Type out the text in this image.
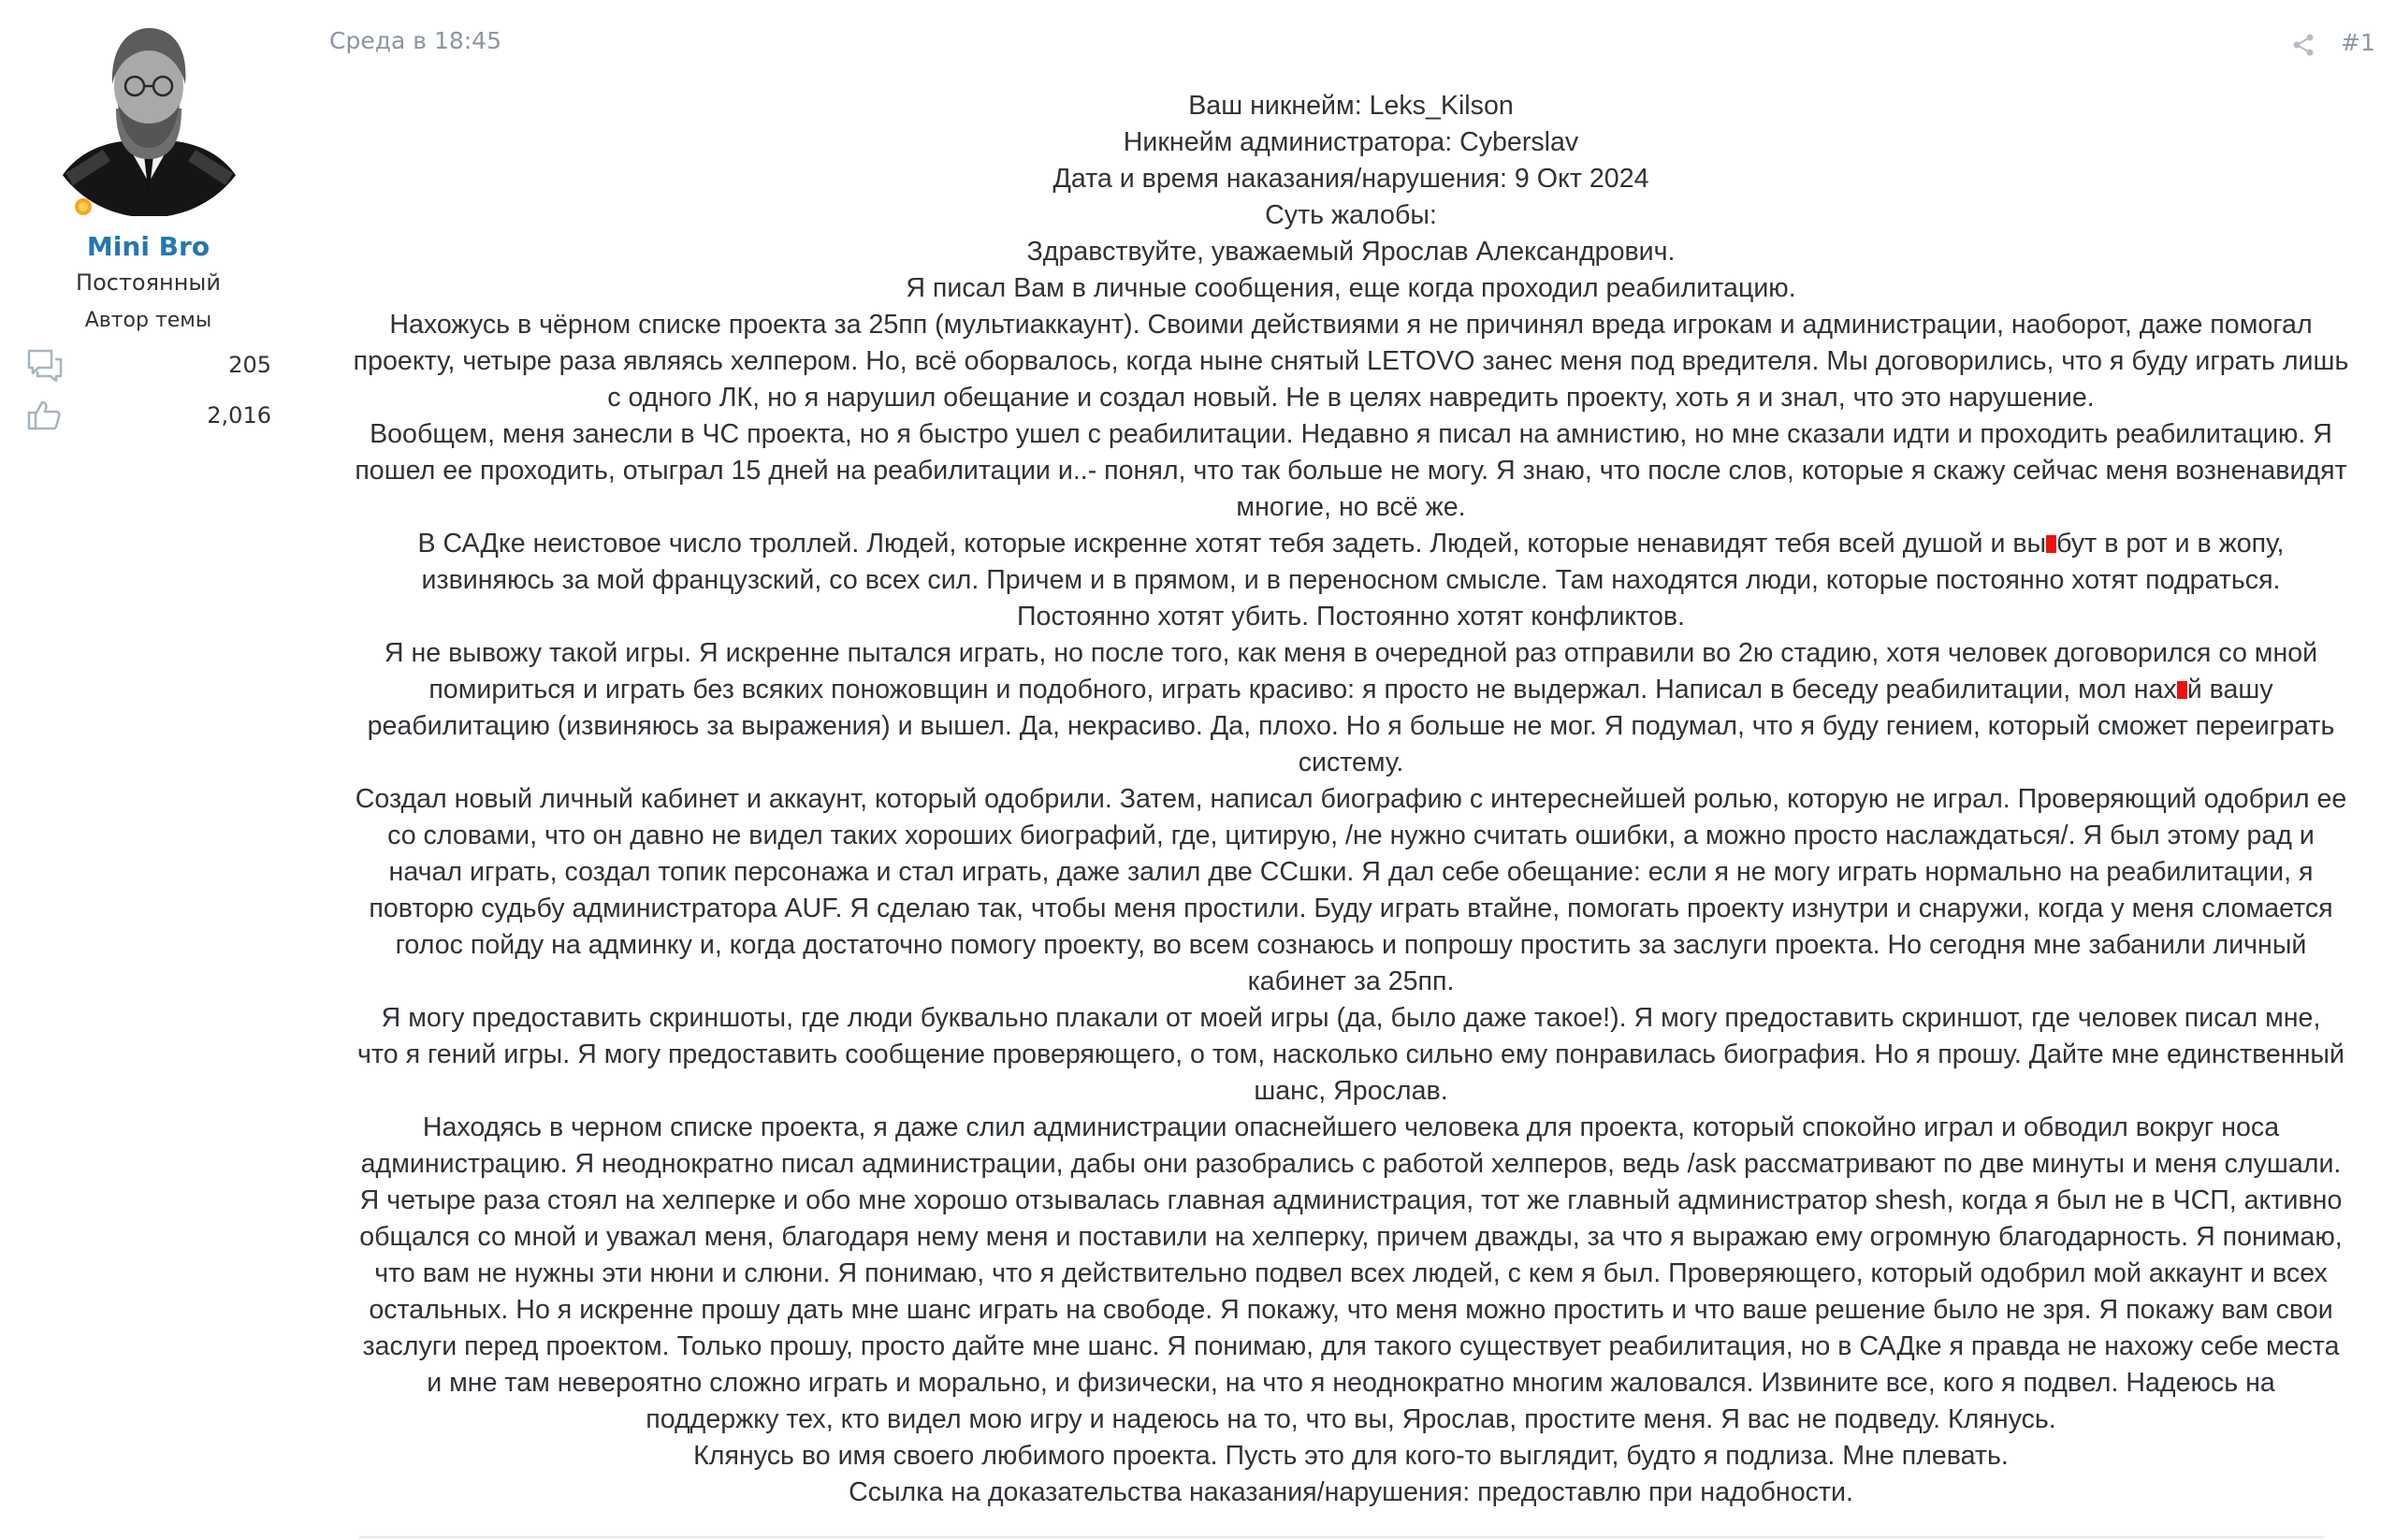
Mini Bro
Постоянный
Автор темы
205
2,016
Среда в 18:45	#1
Ваш никнейм: Leks_Kilson
Никнейм администратора: Cyberslav
Дата и время наказания/нарушения: 9 Окт 2024
Суть жалобы:
Здравствуйте, уважаемый Ярослав Александрович.
Я писал Вам в личные сообщения, еще когда проходил реабилитацию.
Нахожусь в чёрном списке проекта за 25пп (мультиаккаунт). Своими действиями я не причинял вреда игрокам и администрации, наоборот, даже помогал
проекту, четыре раза являясь хелпером. Но, всё оборвалось, когда ныне снятый LETOVO занес меня под вредителя. Мы договорились, что я буду играть лишь
с одного ЛК, но я нарушил обещание и создал новый. Не в целях навредить проекту, хоть я и знал, что это нарушение.
Вообщем, меня занесли в ЧС проекта, но я быстро ушел с реабилитации. Недавно я писал на амнистию, но мне сказали идти и проходить реабилитацию. Я
пошел ее проходить, отыграл 15 дней на реабилитации и..- понял, что так больше не могу. Я знаю, что после слов, которые я скажу сейчас меня возненавидят
многие, но всё же.
В САДке неистовое число троллей. Людей, которые искренне хотят тебя задеть. Людей, которые ненавидят тебя всей душой и вы бут в рот и в жопу,
извиняюсь за мой французский, со всех сил. Причем и в прямом, и в переносном смысле. Там находятся люди, которые постоянно хотят подраться.
Постоянно хотят убить. Постоянно хотят конфликтов.
Я не вывожу такой игры. Я искренне пытался играть, но после того, как меня в очередной раз отправили во 2ю стадию, хотя человек договорился со мной
помириться и играть без всяких поножовщин и подобного, играть красиво: я просто не выдержал. Написал в беседу реабилитации, мол нах й вашу
реабилитацию (извиняюсь за выражения) и вышел. Да, некрасиво. Да, плохо. Но я больше не мог. Я подумал, что я буду гением, который сможет переиграть
систему.
Создал новый личный кабинет и аккаунт, который одобрили. Затем, написал биографию с интереснейшей ролью, которую не играл. Проверяющий одобрил ее
со словами, что он давно не видел таких хороших биографий, где, цитирую, /не нужно считать ошибки, а можно просто наслаждаться/. Я был этому рад и
начал играть, создал топик персонажа и стал играть, даже залил две ССшки. Я дал себе обещание: если я не могу играть нормально на реабилитации, я
повторю судьбу администратора AUF. Я сделаю так, чтобы меня простили. Буду играть втайне, помогать проекту изнутри и снаружи, когда у меня сломается
голос пойду на админку и, когда достаточно помогу проекту, во всем сознаюсь и попрошу простить за заслуги проекта. Но сегодня мне забанили личный
кабинет за 25пп.
Я могу предоставить скриншоты, где люди буквально плакали от моей игры (да, было даже такое!). Я могу предоставить скриншот, где человек писал мне,
что я гений игры. Я могу предоставить сообщение проверяющего, о том, насколько сильно ему понравилась биография. Но я прошу. Дайте мне единственный
шанс, Ярослав.
Находясь в черном списке проекта, я даже слил администрации опаснейшего человека для проекта, который спокойно играл и обводил вокруг носа
администрацию. Я неоднократно писал администрации, дабы они разобрались с работой хелперов, ведь /ask рассматривают по две минуты и меня слушали.
Я четыре раза стоял на хелперке и обо мне хорошо отзывалась главная администрация, тот же главный администратор shesh, когда я был не в ЧСП, активно
общался со мной и уважал меня, благодаря нему меня и поставили на хелперку, причем дважды, за что я выражаю ему огромную благодарность. Я понимаю,
что вам не нужны эти нюни и слюни. Я понимаю, что я действительно подвел всех людей, с кем я был. Проверяющего, который одобрил мой аккаунт и всех
остальных. Но я искренне прошу дать мне шанс играть на свободе. Я покажу, что меня можно простить и что ваше решение было не зря. Я покажу вам свои
заслуги перед проектом. Только прошу, просто дайте мне шанс. Я понимаю, для такого существует реабилитация, но в САДке я правда не нахожу себе места
и мне там невероятно сложно играть и морально, и физически, на что я неоднократно многим жаловался. Извините все, кого я подвел. Надеюсь на
поддержку тех, кто видел мою игру и надеюсь на то, что вы, Ярослав, простите меня. Я вас не подведу. Клянусь.
Клянусь во имя своего любимого проекта. Пусть это для кого-то выглядит, будто я подлиза. Мне плевать.
Ссылка на доказательства наказания/нарушения: предоставлю при надобности.
